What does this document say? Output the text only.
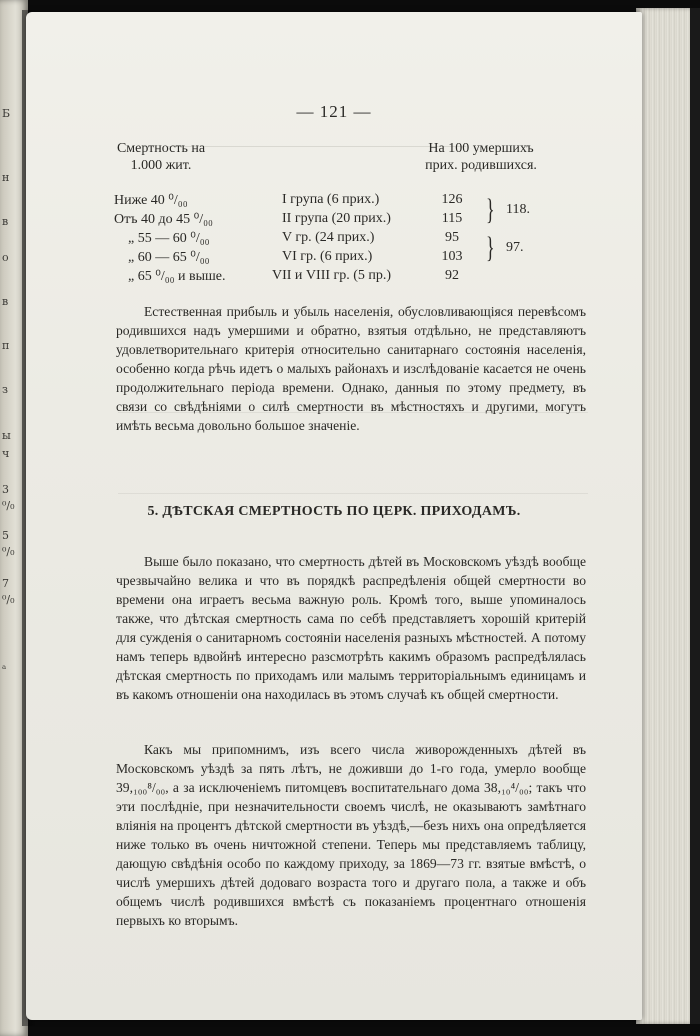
Б
н
в
о
в
п
з
ы
ч
3
⁰/₀
5
⁰/₀
7
⁰/₀
ₐ
— 121 —
Смертность на
1.000 жит.
На 100 умершихъ
прих. родившихся.
Ниже 40 ⁰/₀₀	I група (6 прих.)	126
Отъ 40 до 45 ⁰/₀₀	II група (20 прих.)	115
„ 55 — 60 ⁰/₀₀	V гр. (24 прих.)	95
„ 60 — 65 ⁰/₀₀	VI гр. (6 прих.)	103
„ 65 ⁰/₀₀ и выше.	VII и VIII гр. (5 пр.)	92
} 118.
} 97.

Естественная прибыль и убыль населенія, обусловливающіяся перевѣсомъ родившихся надъ умершими и обратно, взятыя отдѣльно, не представляютъ удовлетворительнаго критерія относительно санитарнаго состоянія населенія, особенно когда рѣчь идетъ о малыхъ районахъ и изслѣдованіе касается не очень продолжительнаго періода времени. Однако, данныя по этому предмету, въ связи со свѣдѣніями о силѣ смертности въ мѣстностяхъ и другими, могутъ имѣть весьма довольно большое значеніе.

5. ДѢТСКАЯ СМЕРТНОСТЬ ПО ЦЕРК. ПРИХОДАМЪ.

Выше было показано, что смертность дѣтей въ Московскомъ уѣздѣ вообще чрезвычайно велика и что въ порядкѣ распредѣленія общей смертности во времени она играетъ весьма важную роль. Кромѣ того, выше упоминалось также, что дѣтская смертность сама по себѣ представляетъ хорошій критерій для сужденія о санитарномъ состояніи населенія разныхъ мѣстностей. А потому намъ теперь вдвойнѣ интересно разсмотрѣть какимъ образомъ распредѣлялась дѣтская смертность по приходамъ или малымъ территоріальнымъ единицамъ и въ какомъ отношеніи она находилась въ этомъ случаѣ къ общей смертности.

Какъ мы припомнимъ, изъ всего числа живорожденныхъ дѣтей въ Московскомъ уѣздѣ за пять лѣтъ, не доживши до 1-го года, умерло вообще 39,₁₀₀⁸/₀₀, а за исключеніемъ питомцевъ воспитательнаго дома 38,₁₀⁴/₀₀; такъ что эти послѣдніе, при незначительности своемъ числѣ, не оказываютъ замѣтнаго вліянія на процентъ дѣтской смертности въ уѣздѣ,—безъ нихъ она опредѣляется ниже только въ очень ничтожной степени. Теперь мы представляемъ таблицу, дающую свѣдѣнія особо по каждому приходу, за 1869—73 гг. взятые вмѣстѣ, о числѣ умершихъ дѣтей додоваго возраста того и другаго пола, а также и объ общемъ числѣ родившихся вмѣстѣ съ показаніемъ процентнаго отношенія первыхъ ко вторымъ.
